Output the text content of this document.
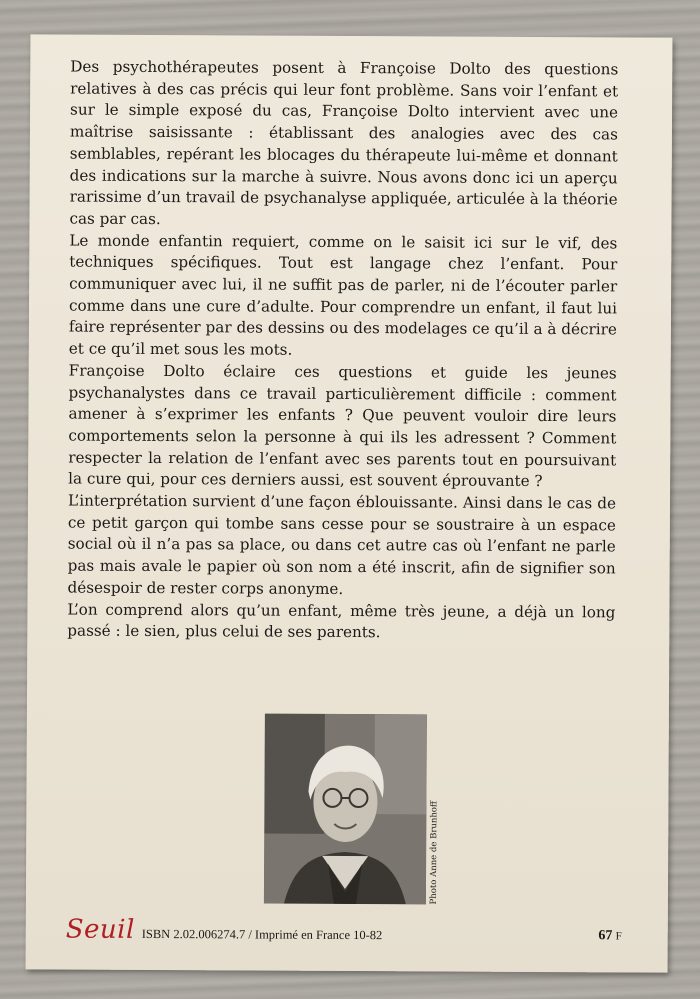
Des psychothérapeutes posent à Françoise Dolto des questions relatives à des cas précis qui leur font problème. Sans voir l’enfant et sur le simple exposé du cas, Françoise Dolto intervient avec une maîtrise saisissante : établissant des analogies avec des cas semblables, repérant les blocages du thérapeute lui-même et donnant des indications sur la marche à suivre. Nous avons donc ici un aperçu rarissime d’un travail de psychanalyse appliquée, articulée à la théorie cas par cas.

Le monde enfantin requiert, comme on le saisit ici sur le vif, des techniques spécifiques. Tout est langage chez l’enfant. Pour communiquer avec lui, il ne suffit pas de parler, ni de l’écouter parler comme dans une cure d’adulte. Pour comprendre un enfant, il faut lui faire représenter par des dessins ou des modelages ce qu’il a à décrire et ce qu’il met sous les mots.

Françoise Dolto éclaire ces questions et guide les jeunes psychanalystes dans ce travail particulièrement difficile : comment amener à s’exprimer les enfants ? Que peuvent vouloir dire leurs comportements selon la personne à qui ils les adressent ? Comment respecter la relation de l’enfant avec ses parents tout en poursuivant la cure qui, pour ces derniers aussi, est souvent éprouvante ?

L’interprétation survient d’une façon éblouissante. Ainsi dans le cas de ce petit garçon qui tombe sans cesse pour se soustraire à un espace social où il n’a pas sa place, ou dans cet autre cas où l’enfant ne parle pas mais avale le papier où son nom a été inscrit, afin de signifier son désespoir de rester corps anonyme.

L’on comprend alors qu’un enfant, même très jeune, a déjà un long passé : le sien, plus celui de ses parents.

Photo Anne de Brunhoff
Seuil ISBN 2.02.006274.7 / Imprimé en France 10-82	67 F
